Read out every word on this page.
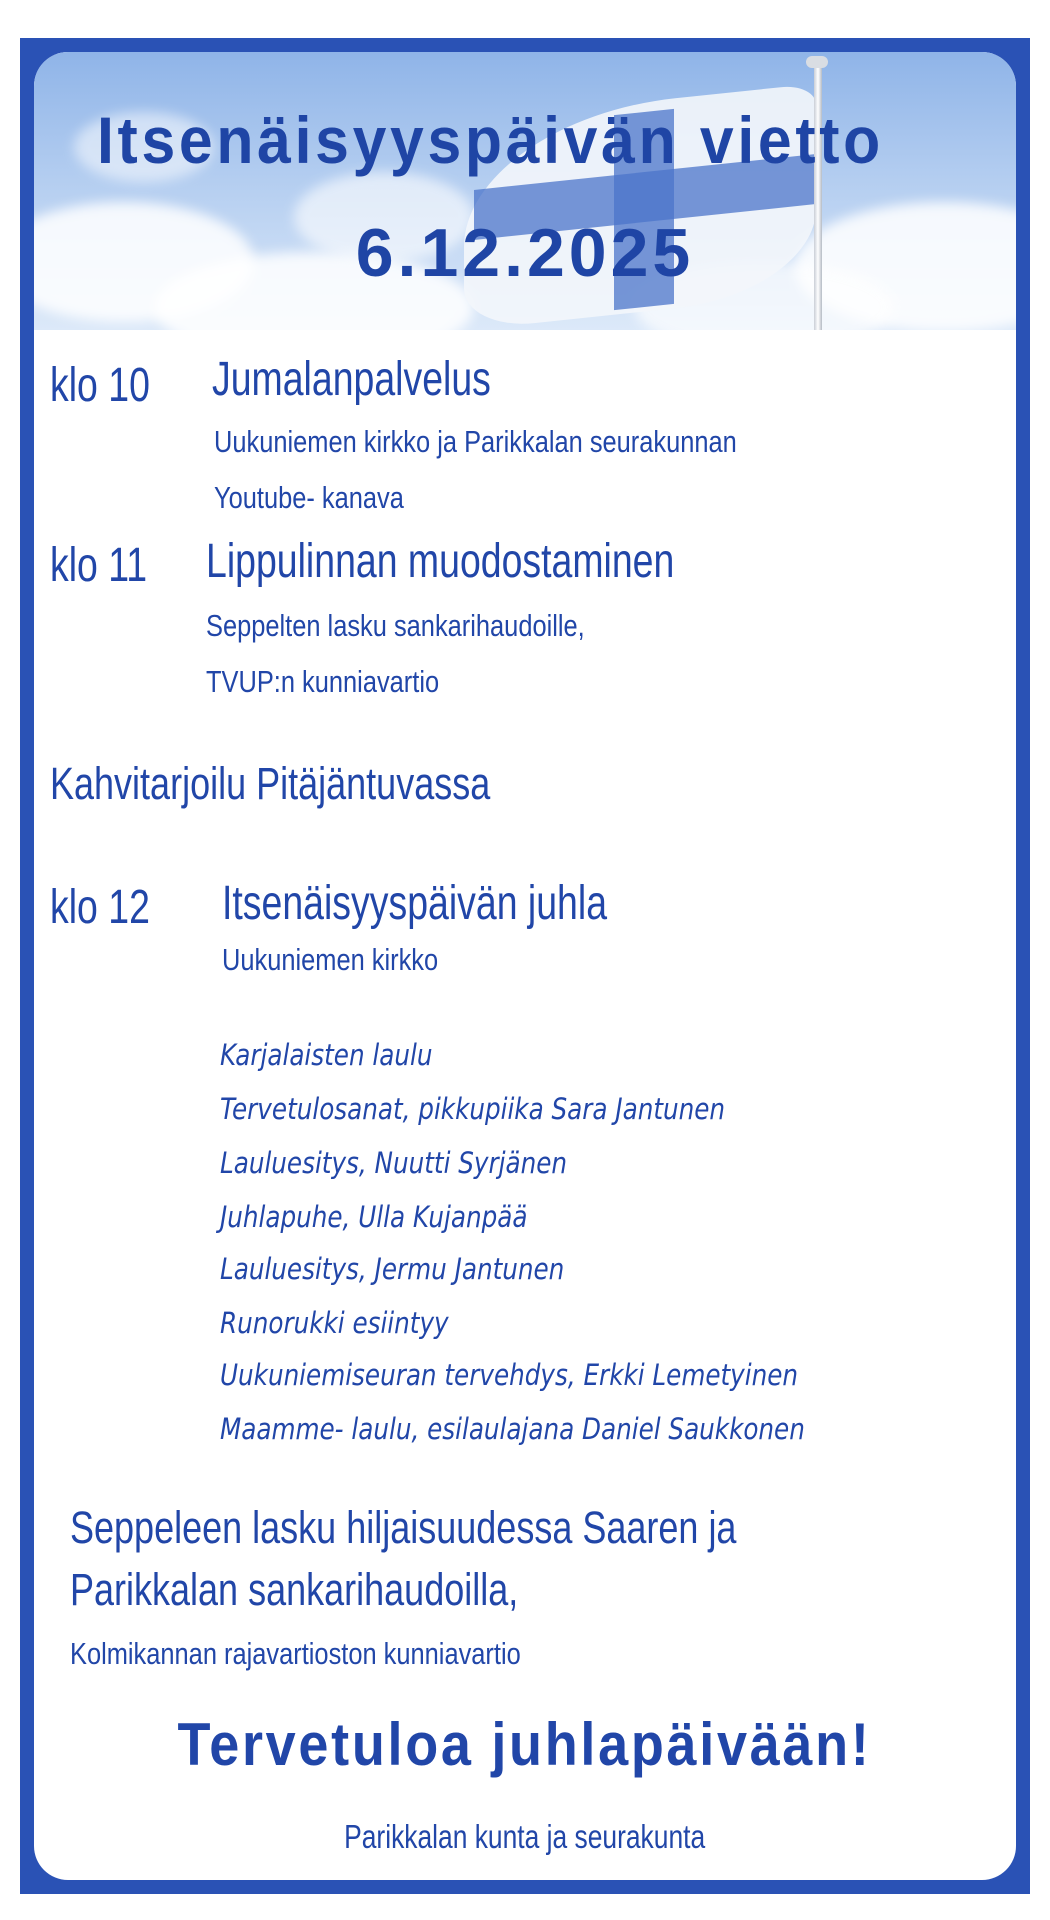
Itsenäisyyspäivän vietto
6.12.2025
klo 10	Jumalanpalvelus
Uukuniemen kirkko ja Parikkalan seurakunnan
Youtube- kanava
klo 11	Lippulinnan muodostaminen
Seppelten lasku sankarihaudoille,
TVUP:n kunniavartio
Kahvitarjoilu Pitäjäntuvassa
klo 12	Itsenäisyyspäivän juhla
Uukuniemen kirkko
Karjalaisten laulu
Tervetulosanat, pikkupiika Sara Jantunen
Lauluesitys, Nuutti Syrjänen
Juhlapuhe, Ulla Kujanpää
Lauluesitys, Jermu Jantunen
Runorukki esiintyy
Uukuniemiseuran tervehdys, Erkki Lemetyinen
Maamme- laulu, esilaulajana Daniel Saukkonen
Seppeleen lasku hiljaisuudessa Saaren ja
Parikkalan sankarihaudoilla,
Kolmikannan rajavartioston kunniavartio
Tervetuloa juhlapäivään!
Parikkalan kunta ja seurakunta
